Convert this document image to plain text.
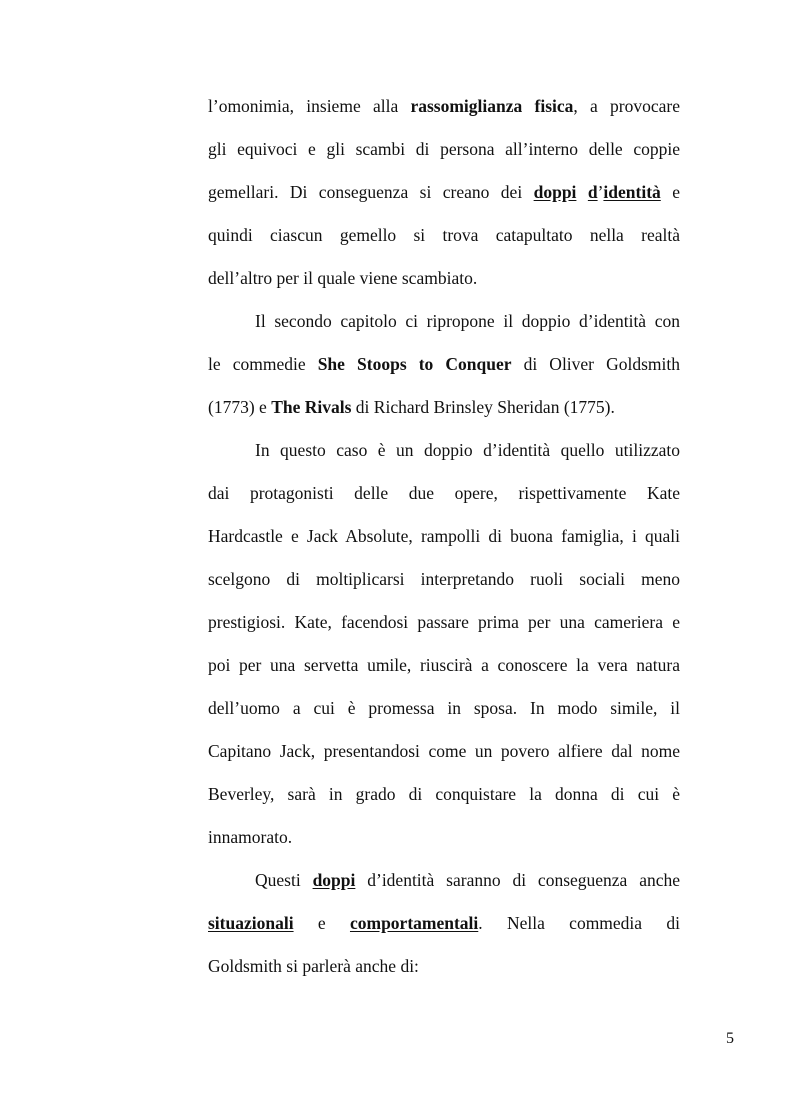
l’omonimia, insieme alla rassomiglianza fisica, a provocare
gli equivoci e gli scambi di persona all’interno delle coppie
gemellari. Di conseguenza si creano dei doppi d’identità e
quindi ciascun gemello si trova catapultato nella realtà
dell’altro per il quale viene scambiato.
Il secondo capitolo ci ripropone il doppio d’identità con
le commedie She Stoops to Conquer di Oliver Goldsmith
(1773) e The Rivals di Richard Brinsley Sheridan (1775).
In questo caso è un doppio d’identità quello utilizzato
dai protagonisti delle due opere, rispettivamente Kate
Hardcastle e Jack Absolute, rampolli di buona famiglia, i quali
scelgono di moltiplicarsi interpretando ruoli sociali meno
prestigiosi. Kate, facendosi passare prima per una cameriera e
poi per una servetta umile, riuscirà a conoscere la vera natura
dell’uomo a cui è promessa in sposa. In modo simile, il
Capitano Jack, presentandosi come un povero alfiere dal nome
Beverley, sarà in grado di conquistare la donna di cui è
innamorato.
Questi doppi d’identità saranno di conseguenza anche
situazionali e comportamentali. Nella commedia di
Goldsmith si parlerà anche di:
5
